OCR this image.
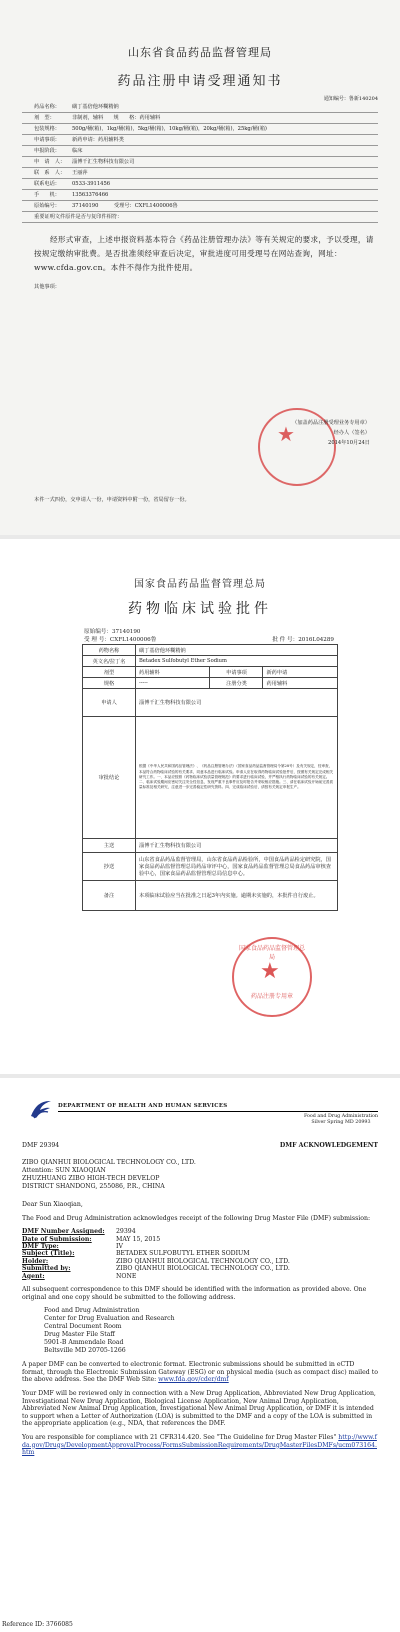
山东省食品药品监督管理局
药品注册申请受理通知书
通知编号：鲁新140204
药品名称： 磺丁基倍他环糊精钠
剂　型：	非制剂，辅料　　规　　格：药用辅料
包装规格： 500g/桶(箱)，1kg/桶(箱)，5kg/桶(箱)，10kg/桶(箱)，20kg/桶(箱)，25kg/桶(箱)
申请事项： 新药申请：药用辅料类
申报阶段： 临床
申　请　人： 淄博千汇生物科技有限公司
联　系　人： 王丽萍
联系电话： 0533-3911456
手　　机： 13563376466
原始编号： 37140190　　　受理号：CXFL1400006鲁
重要证明文件原件是否与复印件相符：
经形式审查，上述申报资料基本符合《药品注册管理办法》等有关规定的要求，予以受理，请按规定缴纳审批费。是否批准须经审查后决定，审批进度可用受理号在网站查询，网址：www.cfda.gov.cn。本件不得作为批件使用。
其他事项：
★
（加盖药品注册受理业务专用章）
经办人（签名）
2014年10月24日
本件一式四份，交申请人一份，申请资料中附一份，省局留存一份。
国家食品药品监督管理总局
药物临床试验批件
原始编号：37140190
受 理 号：CXFL1400006鲁	批 件 号：2016L04289
药物名称	磺丁基倍他环糊精钠		
英文名/拉丁名	Betadex Sulfobutyl Ether Sodium		
剂型	药用辅料	申请事项	新药申请
规格	-----	注册分类	药用辅料
申请人	淄博千汇生物科技有限公司		
审批结论	根据《中华人民共和国药品管理法》、《药品注册管理办法》（国家食品药品监督管理局令第28号）及有关规定，经审查，本品符合药物临床试验的有关要求，同意本品进行临床试验。申请人应在取得药物临床试验批件后，按照有关规定完成相关研究工作。一、本品应按照《药物临床试验质量管理规范》的要求进行临床试验，并严格执行药物临床试验的有关规定。二、临床试验期间应密切关注安全性信息，发现严重不良事件应及时报告并采取相应措施。三、请在临床试验开始前完善质量标准及相关研究，注意进一步完善稳定性研究资料。四、完成临床试验后，请按有关规定申报生产。		
主送	淄博千汇生物科技有限公司		
抄送	山东省食品药品监督管理局，山东省食品药品检验所，中国食品药品检定研究院，国家食品药品监督管理总局药品审评中心，国家食品药品监督管理总局食品药品审核查验中心，国家食品药品监督管理总局信息中心。		
备注	本项临床试验应当在批准之日起3年内实施。逾期未实施的，本批件自行废止。		
国家食品药品监督管理总局
★
药品注册专用章
DEPARTMENT OF HEALTH AND HUMAN SERVICES
Food and Drug Administration
Silver Spring MD 20993
DMF 29394	DMF ACKNOWLEDGEMENT
ZIBO QIANHUI BIOLOGICAL TECHNOLOGY CO., LTD.
Attention: SUN XIAOQIAN
ZHUZHUANG ZIBO HIGH-TECH DEVELOP
DISTRICT SHANDONG, 255086, P.R., CHINA
Dear Sun Xiaoqian,
The Food and Drug Administration acknowledges receipt of the following Drug Master File (DMF) submission:
DMF Number Assigned: 29394
Date of Submission:	MAY 15, 2015
DMF Type:	IV
Subject (Title):	BETADEX SULFOBUTYL ETHER SODIUM
Holder:	ZIBO QIANHUI BIOLOGICAL TECHNOLOGY CO., LTD.
Submitted by:	ZIBO QIANHUI BIOLOGICAL TECHNOLOGY CO., LTD.
Agent:	NONE
All subsequent correspondence to this DMF should be identified with the information as provided above. One original and one copy should be submitted to the following address.
Food and Drug Administration
Center for Drug Evaluation and Research
Central Document Room
Drug Master File Staff
5901-B Ammendale Road
Beltsville MD 20705-1266
A paper DMF can be converted to electronic format. Electronic submissions should be submitted in eCTD format, through the Electronic Submission Gateway (ESG) or on physical media (such as compact disc) mailed to the above address. See the DMF Web Site: www.fda.gov/cder/dmf
Your DMF will be reviewed only in connection with a New Drug Application, Abbreviated New Drug Application, Investigational New Drug Application, Biological License Application, New Animal Drug Application, Abbreviated New Animal Drug Application, Investigational New Animal Drug Application, or DMF it is intended to support when a Letter of Authorization (LOA) is submitted to the DMF and a copy of the LOA is submitted in the appropriate application (e.g., NDA, that references the DMF.
You are responsible for compliance with 21 CFR314.420. See "The Guideline for Drug Master Files" http://www.fda.gov/Drugs/DevelopmentApprovalProcess/FormsSubmissionRequirements/DrugMasterFilesDMFs/ucm073164.htm
Reference ID: 3766085
